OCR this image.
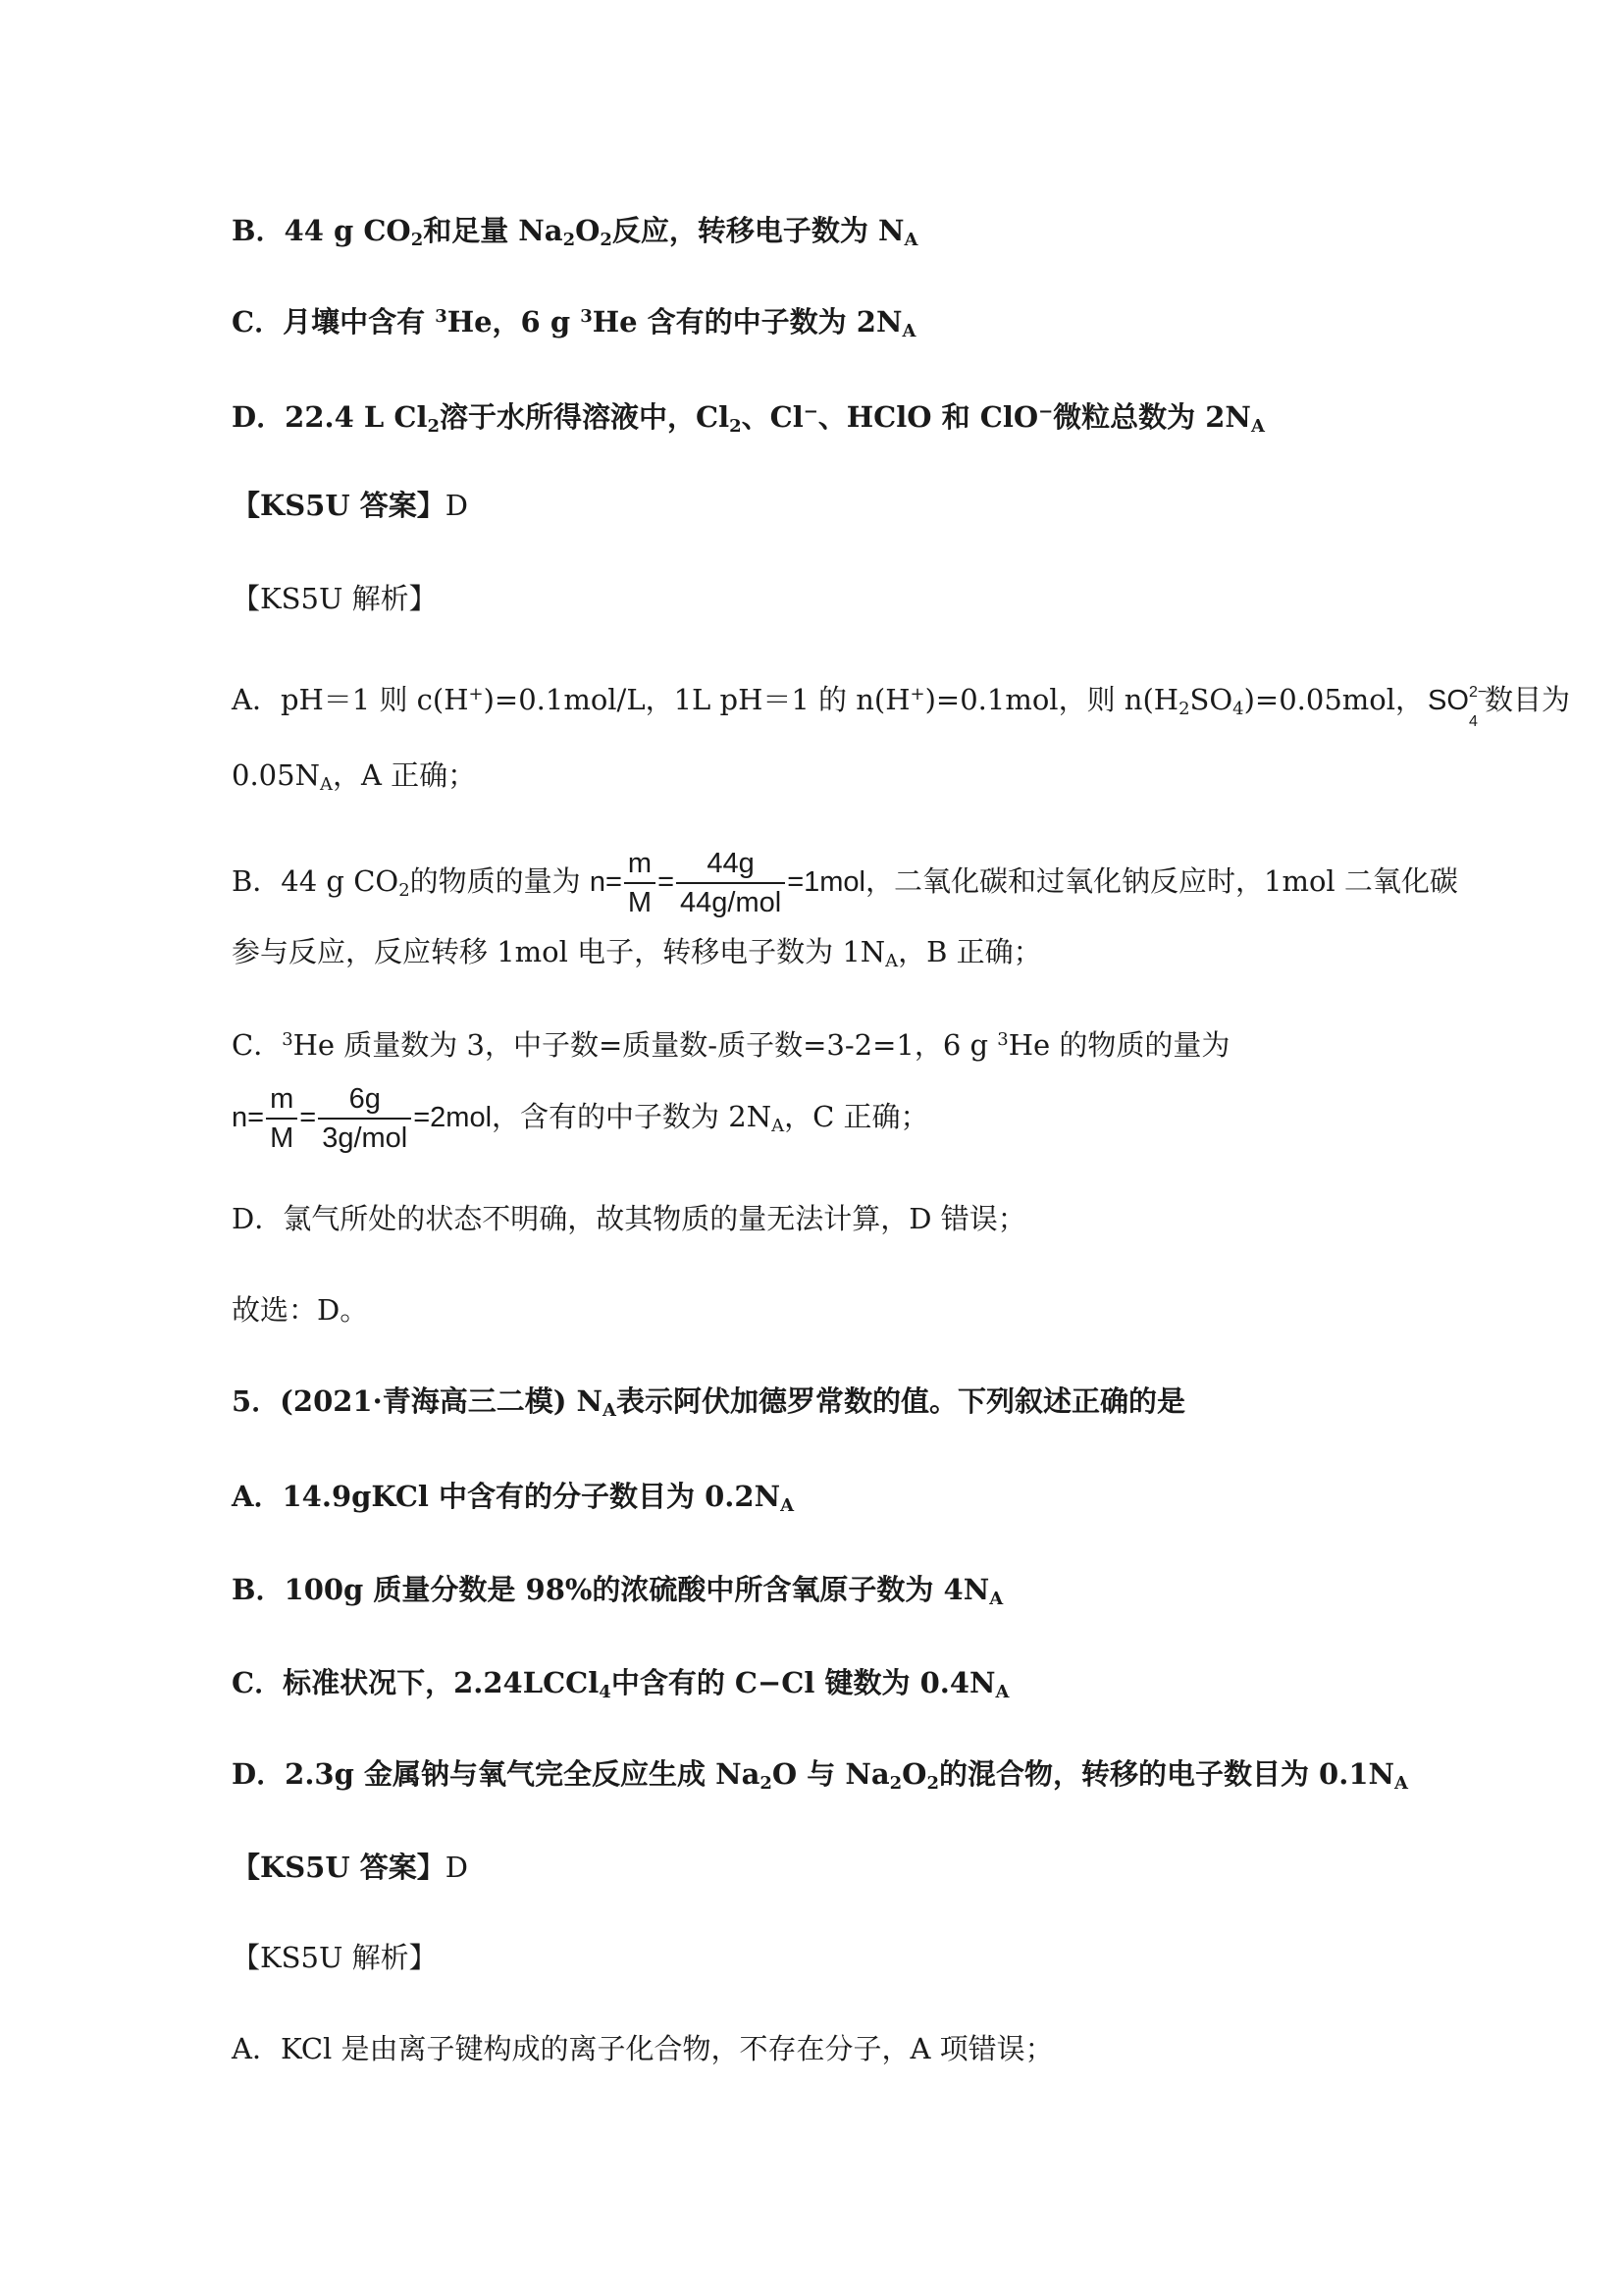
B．44 g $CO_2$和足量 $Na_2O_2$反应，转移电子数为 $N_A$
C．月壤中含有 $^3$He，6 g $^3$He 含有的中子数为 $2N_A$
D．22.4 L $Cl_2$溶于水所得溶液中，$Cl_2$、Cl−、HClO 和 ClO−微粒总数为 $2N_A$
【KS5U 答案】D
【KS5U 解析】
A．pH＝1 则 c(H+)=0.1mol/L，1L pH＝1 的 n(H+)=0.1mol，则 $n(H_2SO_4)=0.05mol$， SO 2−
4
数目为
$0.05N_A$，A 正确；
B．44 g $CO_2$的物质的量为 $n= \frac{m}{M} = \frac{44g}{\text{44g/mol}} =1mol$，二氧化碳和过氧化钠反应时，1mol 二氧化碳
参与反应，反应转移 1mol 电子，转移电子数为 $1N_A$，B 正确；
C．$^3$He 质量数为 3，中子数=质量数-质子数=3-2=1，6 g $^3$He 的物质的量为
$n= \frac{m}{M} = \frac{6g}{\text{3g/mol}} =2mol$，含有的中子数为 $2N_A$，C 正确；
D．氯气所处的状态不明确，故其物质的量无法计算，D 错误；
故选：D。
5．(2021·青海高三二模) $N_A$表示阿伏加德罗常数的值。下列叙述正确的是
A．14.9gKCl 中含有的分子数目为 $0.2N_A$
B．100g 质量分数是 98%的浓硫酸中所含氧原子数为 $4N_A$
C．标准状况下，2.24LCCl$_4$中含有的 C−Cl 键数为 $0.4N_A$
D．2.3g 金属钠与氧气完全反应生成 $Na_2O$ 与 $Na_2O_2$的混合物，转移的电子数目为 $0.1N_A$
【KS5U 答案】D
【KS5U 解析】
A．KCl 是由离子键构成的离子化合物，不存在分子，A 项错误；
